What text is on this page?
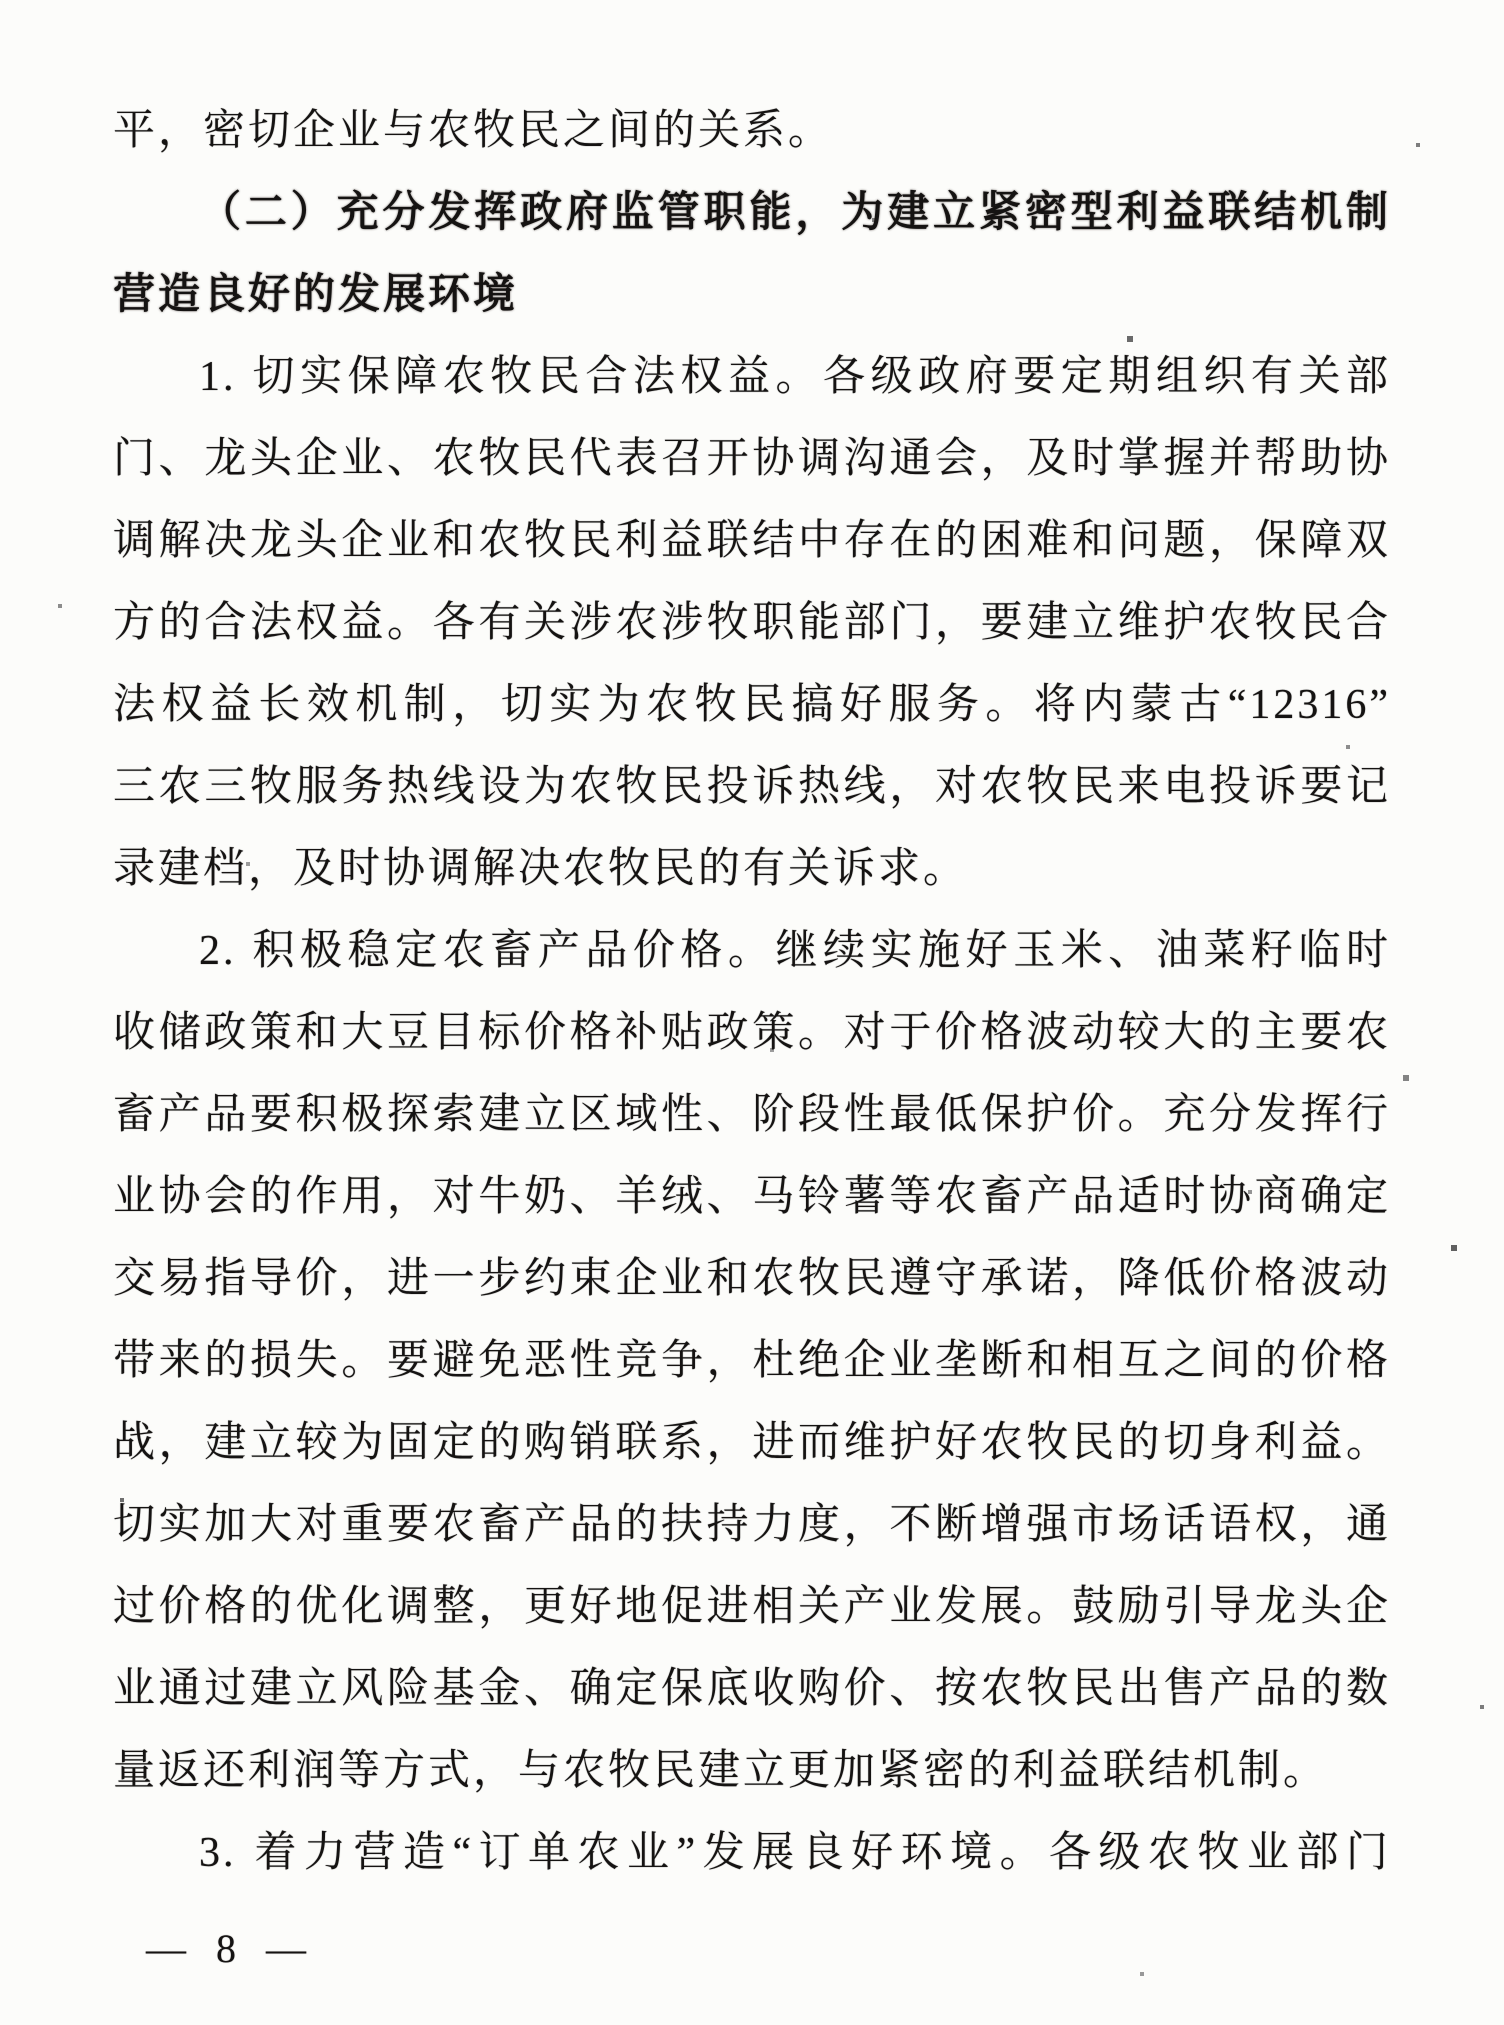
平，密切企业与农牧民之间的关系。
（二）充分发挥政府监管职能，为建立紧密型利益联结机制
营造良好的发展环境
1. 切实保障农牧民合法权益。各级政府要定期组织有关部
门、龙头企业、农牧民代表召开协调沟通会，及时掌握并帮助协
调解决龙头企业和农牧民利益联结中存在的困难和问题，保障双
方的合法权益。各有关涉农涉牧职能部门，要建立维护农牧民合
法权益长效机制，切实为农牧民搞好服务。将内蒙古“12316”
三农三牧服务热线设为农牧民投诉热线，对农牧民来电投诉要记
录建档，及时协调解决农牧民的有关诉求。
2. 积极稳定农畜产品价格。继续实施好玉米、油菜籽临时
收储政策和大豆目标价格补贴政策。对于价格波动较大的主要农
畜产品要积极探索建立区域性、阶段性最低保护价。充分发挥行
业协会的作用，对牛奶、羊绒、马铃薯等农畜产品适时协商确定
交易指导价，进一步约束企业和农牧民遵守承诺，降低价格波动
带来的损失。要避免恶性竞争，杜绝企业垄断和相互之间的价格
战，建立较为固定的购销联系，进而维护好农牧民的切身利益。
切实加大对重要农畜产品的扶持力度，不断增强市场话语权，通
过价格的优化调整，更好地促进相关产业发展。鼓励引导龙头企
业通过建立风险基金、确定保底收购价、按农牧民出售产品的数
量返还利润等方式，与农牧民建立更加紧密的利益联结机制。
3. 着力营造“订单农业”发展良好环境。各级农牧业部门
— 8 —
